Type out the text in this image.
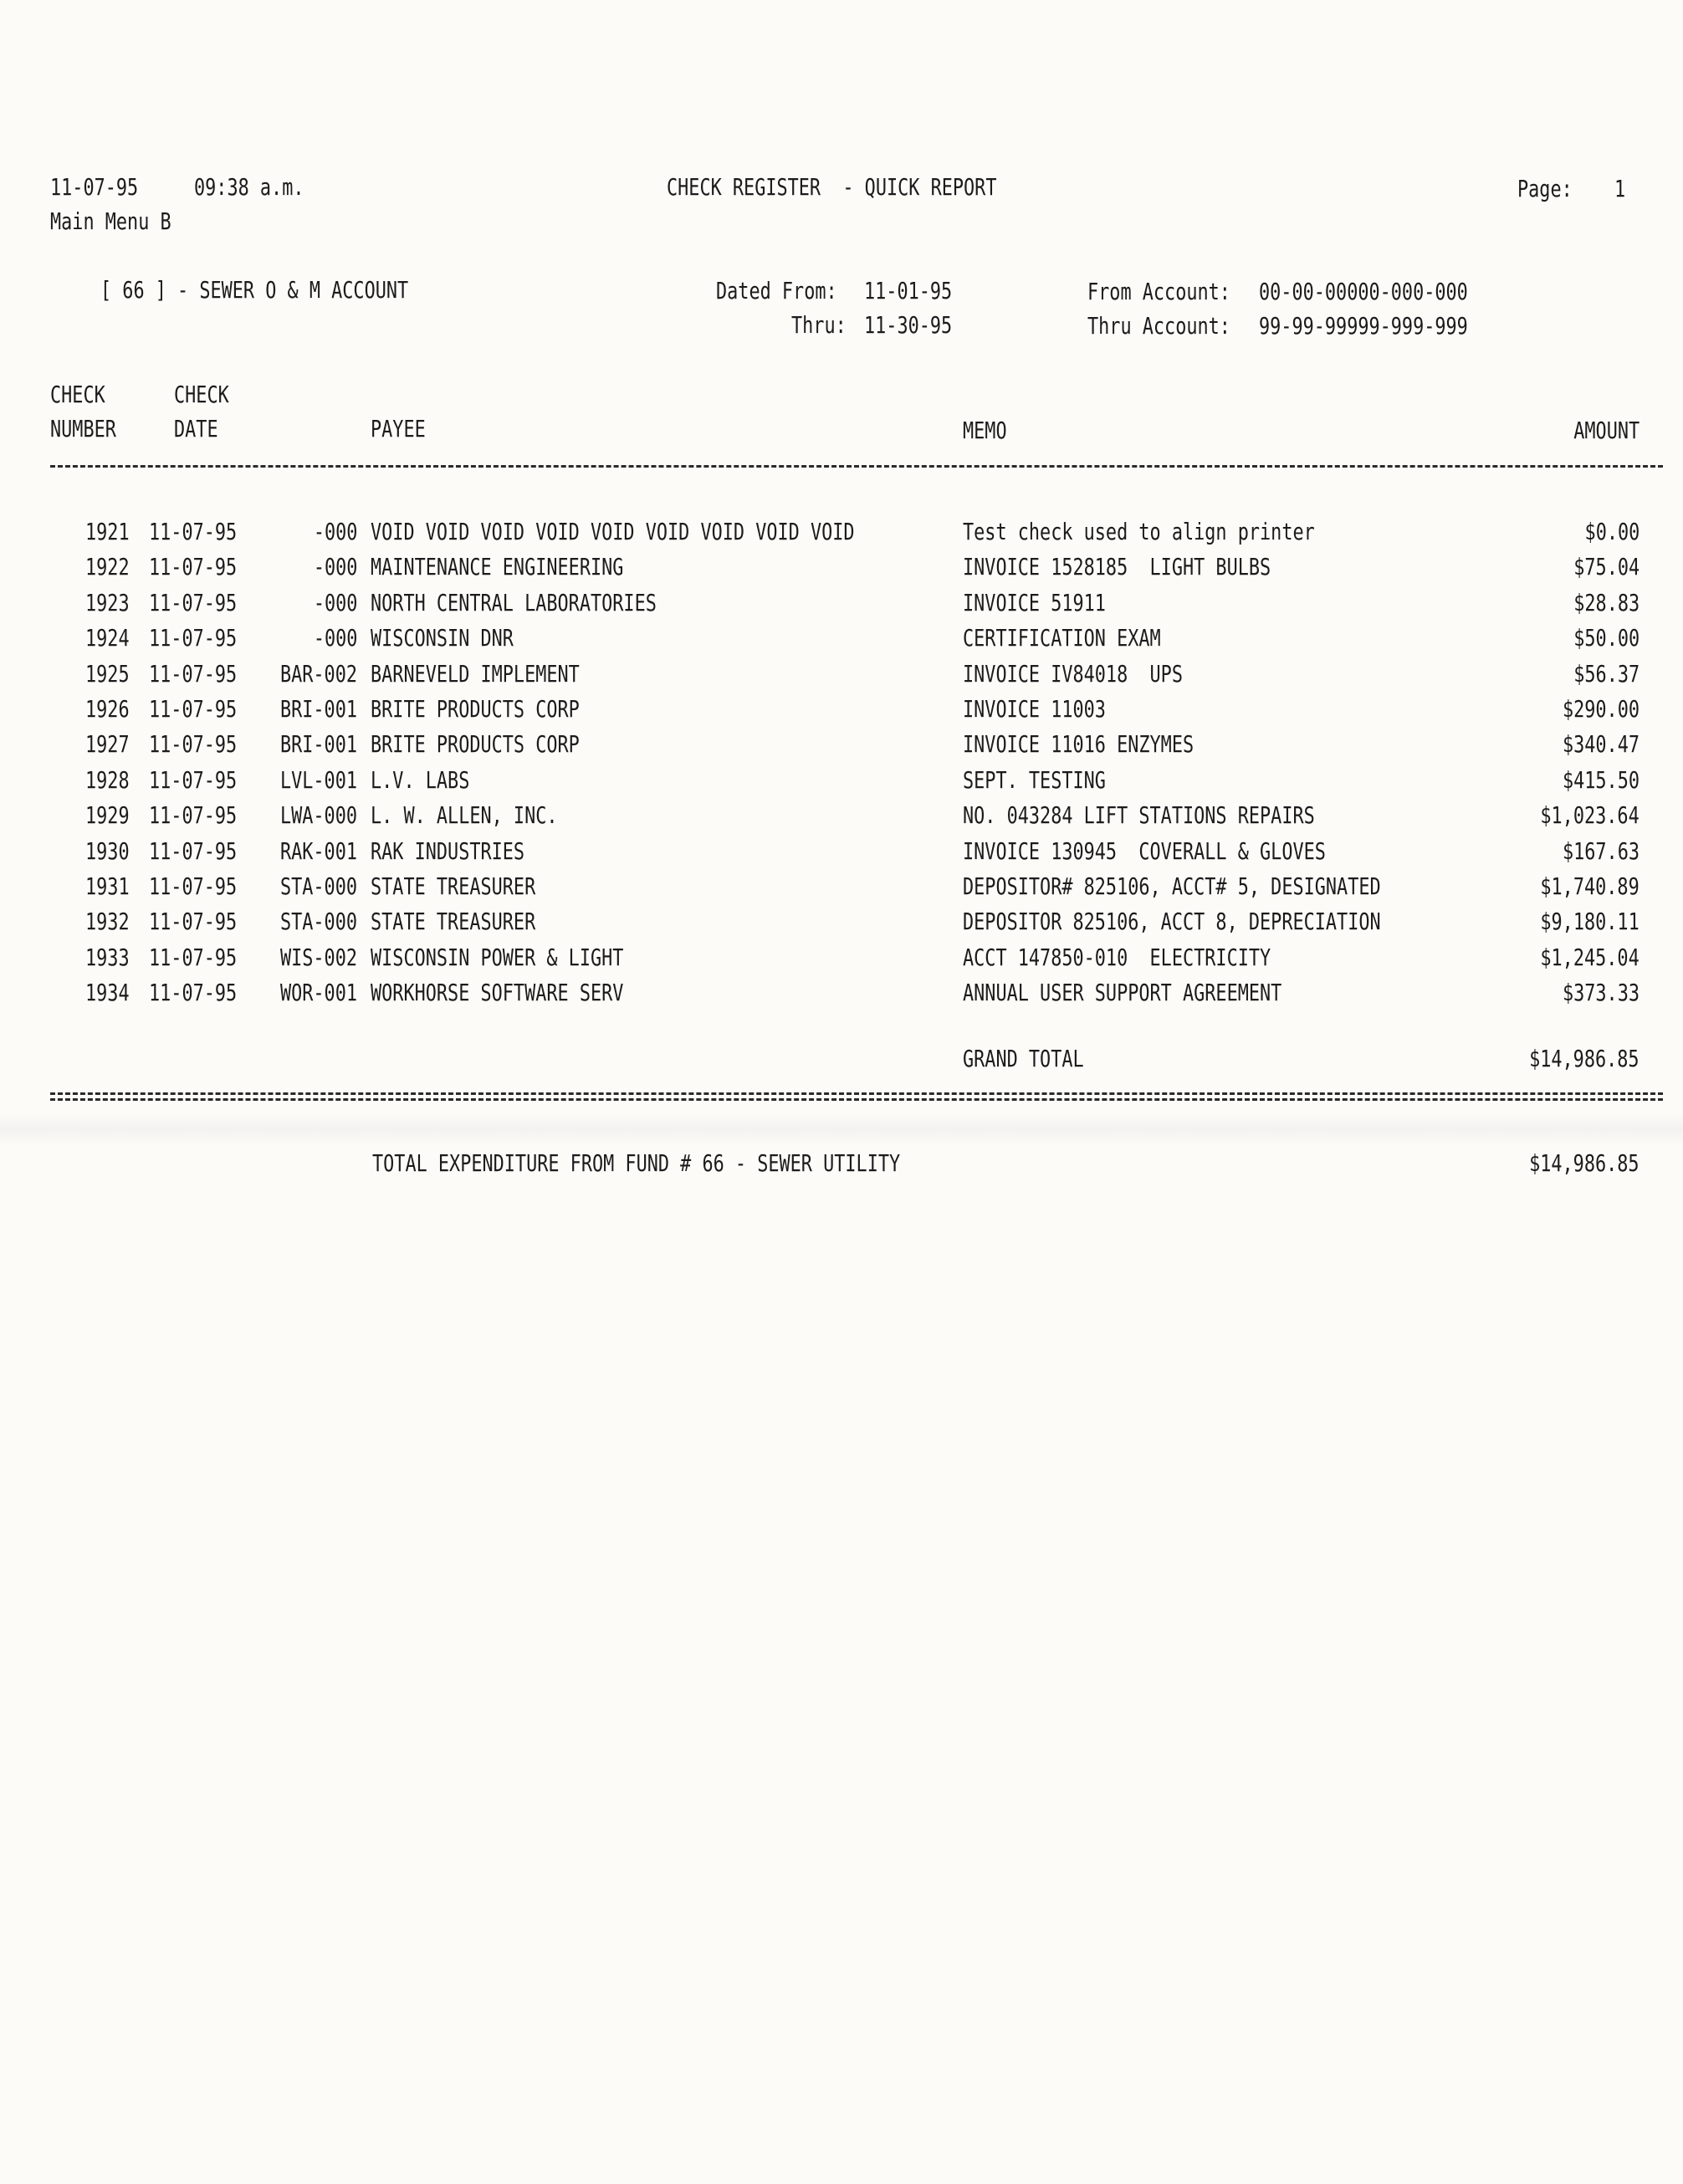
11-07-95 09:38 a.m.	CHECK REGISTER  - QUICK REPORT	Page: 1
Main Menu B
[ 66 ] - SEWER O & M ACCOUNT	Dated From: 11-01-95
Thru: 11-30-95
From Account: 00-00-00000-000-000
Thru Account: 99-99-99999-999-999
CHECK
NUMBER
CHECK
DATE	PAYEE	MEMO	AMOUNT
1921 11-07-95	-000 VOID VOID VOID VOID VOID VOID VOID VOID VOID	Test check used to align printer	$0.00
1922 11-07-95	-000 MAINTENANCE ENGINEERING	INVOICE 1528185  LIGHT BULBS	$75.04
1923 11-07-95	-000 NORTH CENTRAL LABORATORIES	INVOICE 51911	$28.83
1924 11-07-95	-000 WISCONSIN DNR	CERTIFICATION EXAM	$50.00
1925 11-07-95 BAR-002 BARNEVELD IMPLEMENT	INVOICE IV84018  UPS	$56.37
1926 11-07-95 BRI-001 BRITE PRODUCTS CORP	INVOICE 11003	$290.00
1927 11-07-95 BRI-001 BRITE PRODUCTS CORP	INVOICE 11016 ENZYMES	$340.47
1928 11-07-95 LVL-001 L.V. LABS	SEPT. TESTING	$415.50
1929 11-07-95 LWA-000 L. W. ALLEN, INC.	NO. 043284 LIFT STATIONS REPAIRS	$1,023.64
1930 11-07-95 RAK-001 RAK INDUSTRIES	INVOICE 130945  COVERALL & GLOVES	$167.63
1931 11-07-95 STA-000 STATE TREASURER	DEPOSITOR# 825106, ACCT# 5, DESIGNATED	$1,740.89
1932 11-07-95 STA-000 STATE TREASURER	DEPOSITOR 825106, ACCT 8, DEPRECIATION	$9,180.11
1933 11-07-95 WIS-002 WISCONSIN POWER & LIGHT	ACCT 147850-010  ELECTRICITY	$1,245.04
1934 11-07-95 WOR-001 WORKHORSE SOFTWARE SERV	ANNUAL USER SUPPORT AGREEMENT	$373.33
GRAND TOTAL	$14,986.85
TOTAL EXPENDITURE FROM FUND # 66 - SEWER UTILITY	$14,986.85
